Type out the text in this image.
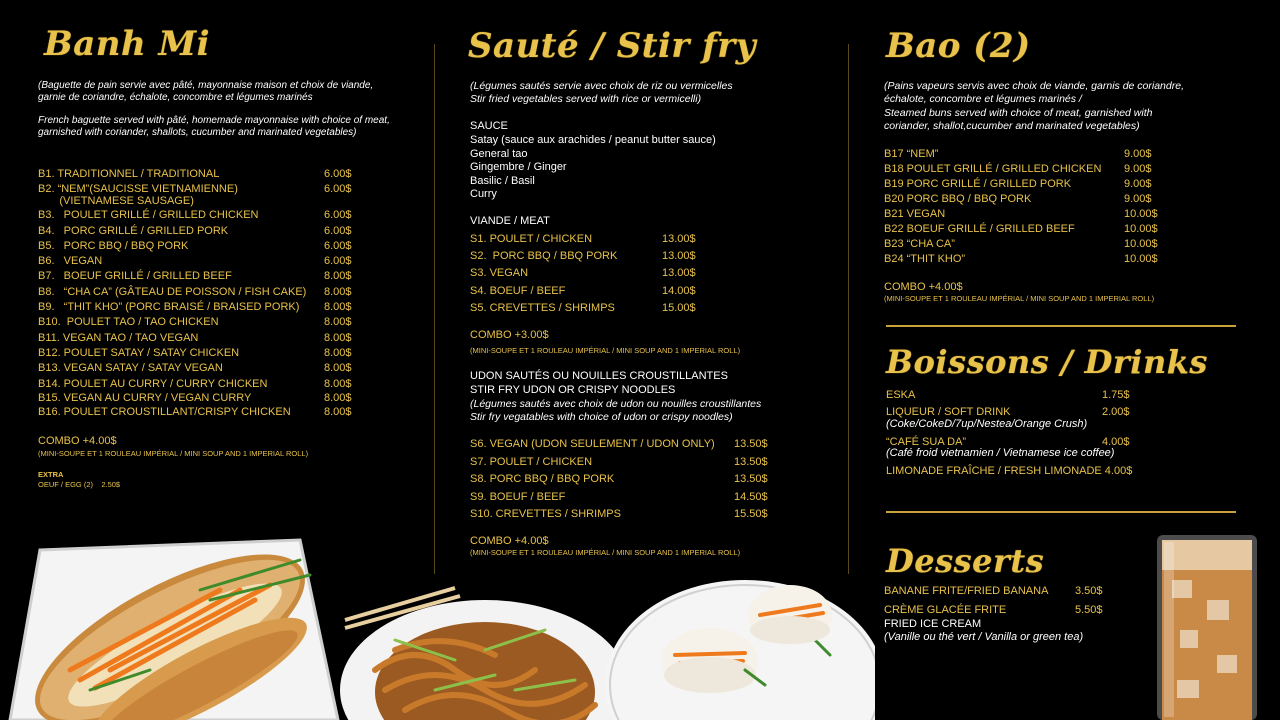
Banh Mi
(Baguette de pain servie avec pâté, mayonnaise maison et choix de viande, garnie de coriandre, échalote, concombre et légumes marinés
French baguette served with pâté, homemade mayonnaise with choice of meat, garnished with coriander, shallots, cucumber and marinated vegetables)
B1. TRADITIONNEL / TRADITIONAL	6.00$
B2. “NEM”(SAUCISSE VIETNAMIENNE)	6.00$
(VIETNAMESE SAUSAGE)
B3.   POULET GRILLÉ / GRILLED CHICKEN	6.00$
B4.   PORC GRILLÉ / GRILLED PORK	6.00$
B5.   PORC BBQ / BBQ PORK	6.00$
B6.   VEGAN	6.00$
B7.   BOEUF GRILLÉ / GRILLED BEEF	8.00$
B8.   “CHA CA” (GÂTEAU DE POISSON / FISH CAKE) 8.00$
B9.   “THIT KHO” (PORC BRAISÉ / BRAISED PORK) 8.00$
B10.  POULET TAO / TAO CHICKEN	8.00$
B11. VEGAN TAO / TAO VEGAN	8.00$
B12. POULET SATAY / SATAY CHICKEN	8.00$
B13. VEGAN SATAY / SATAY VEGAN	8.00$
B14. POULET AU CURRY / CURRY CHICKEN	8.00$
B15. VEGAN AU CURRY / VEGAN CURRY	8.00$
B16. POULET CROUSTILLANT/CRISPY CHICKEN	8.00$
COMBO +4.00$
(MINI-SOUPE ET 1 ROULEAU IMPÉRIAL / MINI SOUP AND 1 IMPERIAL ROLL)
EXTRA
OEUF / EGG (2)    2.50$
Sauté / Stir fry
(Légumes sautés servie avec choix de riz ou vermicelles
Stir fried vegetables served with rice or vermicelli)
SAUCE
Satay (sauce aux arachides / peanut butter sauce)
General tao
Gingembre / Ginger
Basilic / Basil
Curry
VIANDE / MEAT
S1. POULET / CHICKEN	13.00$
S2.  PORC BBQ / BBQ PORK	13.00$
S3. VEGAN	13.00$
S4. BOEUF / BEEF	14.00$
S5. CREVETTES / SHRIMPS	15.00$
COMBO +3.00$
(MINI-SOUPE ET 1 ROULEAU IMPÉRIAL / MINI SOUP AND 1 IMPERIAL ROLL)
UDON SAUTÉS OU NOUILLES CROUSTILLANTES
STIR FRY UDON OR CRISPY NOODLES
(Légumes sautés avec choix de udon ou nouilles croustillantes
Stir fry vegatables with choice of udon or crispy noodles)
S6. VEGAN (UDON SEULEMENT / UDON ONLY) 13.50$
S7. POULET / CHICKEN	13.50$
S8. PORC BBQ / BBQ PORK	13.50$
S9. BOEUF / BEEF	14.50$
S10. CREVETTES / SHRIMPS	15.50$
COMBO +4.00$
(MINI-SOUPE ET 1 ROULEAU IMPÉRIAL / MINI SOUP AND 1 IMPERIAL ROLL)
Bao (2)
(Pains vapeurs servis avec choix de viande, garnis de coriandre,
échalote, concombre et légumes marinés /
Steamed buns served with choice of meat, garnished with
coriander, shallot,cucumber and marinated vegetables)
B17 “NEM”	9.00$
B18 POULET GRILLÉ / GRILLED CHICKEN 9.00$
B19 PORC GRILLÉ / GRILLED PORK	9.00$
B20 PORC BBQ / BBQ PORK	9.00$
B21 VEGAN	10.00$
B22 BOEUF GRILLÉ / GRILLED BEEF	10.00$
B23 “CHA CA”	10.00$
B24 “THIT KHO”	10.00$
COMBO +4.00$
(MINI-SOUPE ET 1 ROULEAU IMPÉRIAL / MINI SOUP AND 1 IMPERIAL ROLL)
Boissons / Drinks
ESKA	1.75$
LIQUEUR / SOFT DRINK	2.00$
(Coke/CokeD/7up/Nestea/Orange Crush)
“CAFÉ SUA DA”	4.00$
(Café froid vietnamien / Vietnamese ice coffee)
LIMONADE FRAÎCHE / FRESH LIMONADE 4.00$
Desserts
BANANE FRITE/FRIED BANANA 3.50$
CRÈME GLACÉE FRITE	5.50$
FRIED ICE CREAM
(Vanille ou thé vert / Vanilla or green tea)
